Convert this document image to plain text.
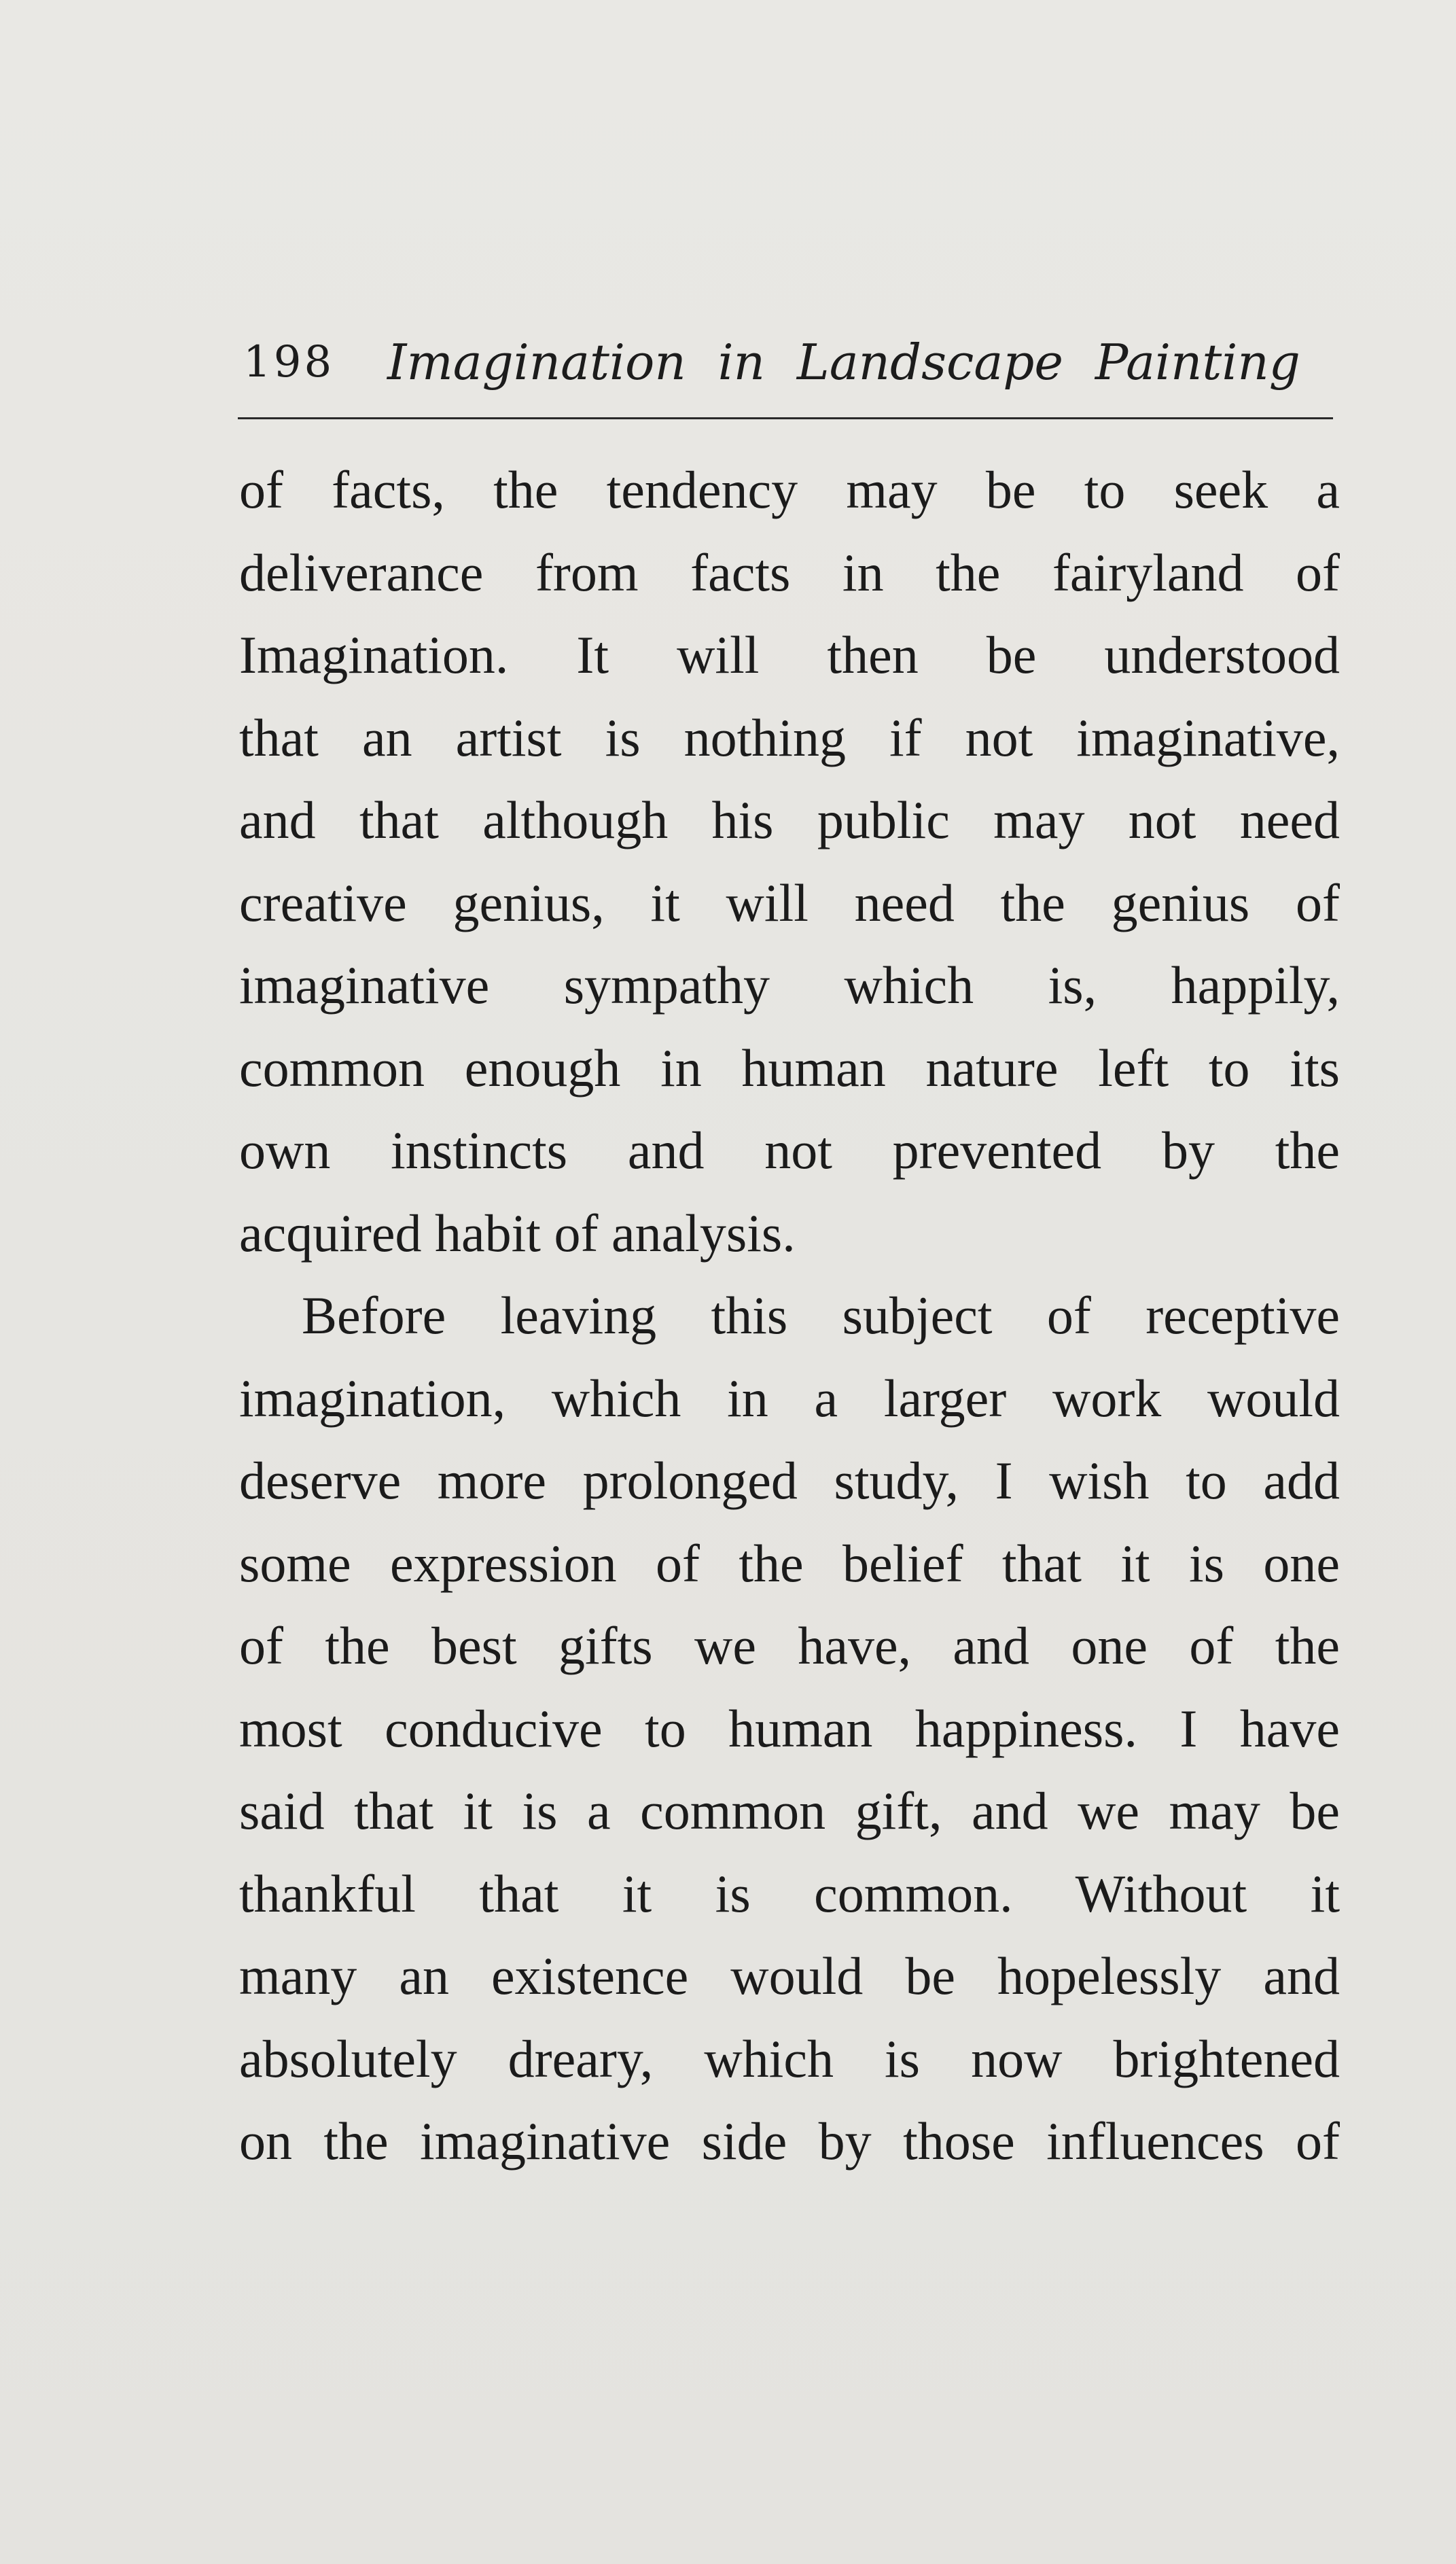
198 Imagination in Landscape Painting
of facts, the tendency may be to seek a
deliverance from facts in the fairyland of
Imagination. It will then be understood
that an artist is nothing if not imaginative,
and that although his public may not need
creative genius, it will need the genius of
imaginative sympathy which is, happily,
common enough in human nature left to its
own instincts and not prevented by the
acquired habit of analysis.
Before leaving this subject of receptive
imagination, which in a larger work would
deserve more prolonged study, I wish to add
some expression of the belief that it is one
of the best gifts we have, and one of the
most conducive to human happiness. I have
said that it is a common gift, and we may be
thankful that it is common. Without it
many an existence would be hopelessly and
absolutely dreary, which is now brightened
on the imaginative side by those influences of
